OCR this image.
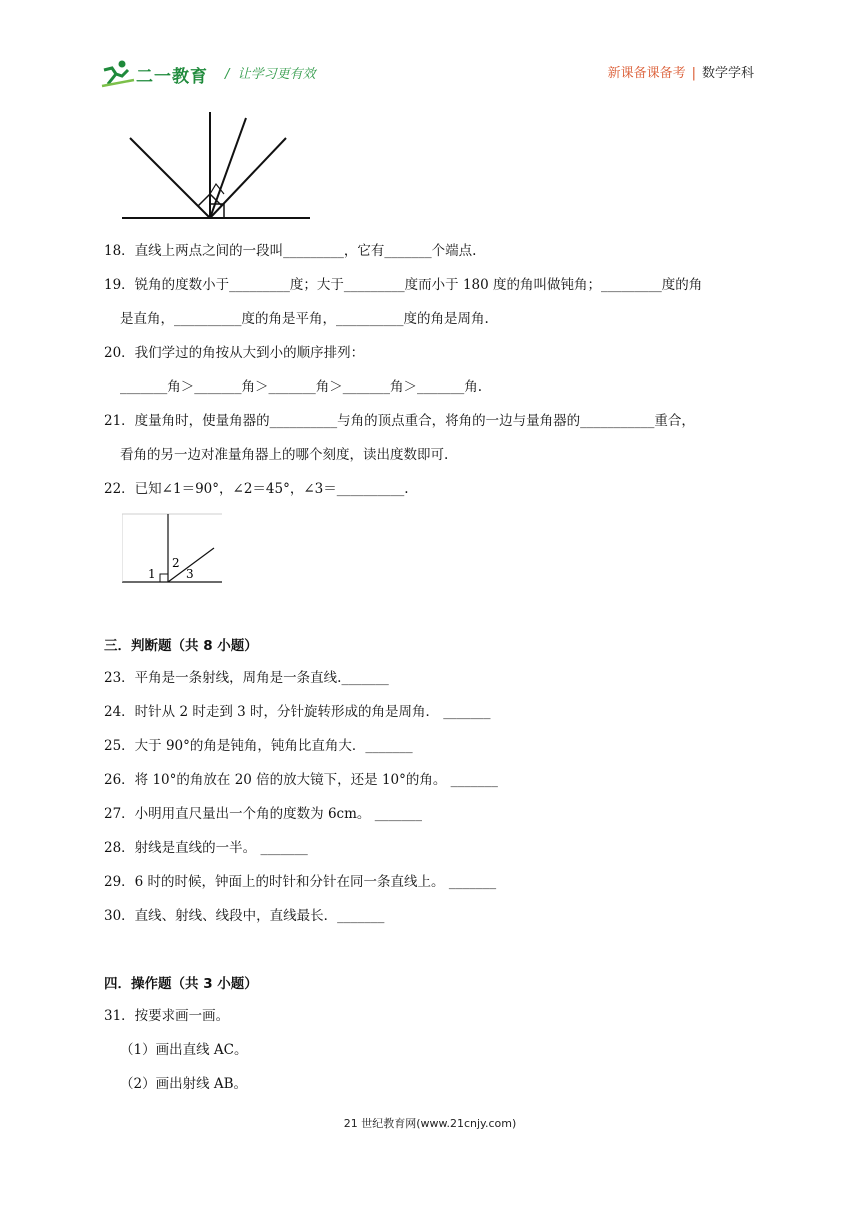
二一教育 /  让学习更有效	新课备课备考 | 数学学科
18．直线上两点之间的一段叫_________，它有_______个端点.
19．锐角的度数小于_________度；大于_________度而小于 180 度的角叫做钝角；_________度的角
是直角，__________度的角是平角，__________度的角是周角.
20．我们学过的角按从大到小的顺序排列：
_______角＞_______角＞_______角＞_______角＞_______角.
21．度量角时，使量角器的__________与角的顶点重合，将角的一边与量角器的___________重合，
看角的另一边对准量角器上的哪个刻度，读出度数即可.
22．已知∠1＝90°，∠2＝45°，∠3＝__________.
1
2
3
三．判断题（共 8 小题）
23．平角是一条射线，周角是一条直线._______
24．时针从 2 时走到 3 时，分针旋转形成的角是周角． _______
25．大于 90°的角是钝角，钝角比直角大．_______
26．将 10°的角放在 20 倍的放大镜下，还是 10°的角。 _______
27．小明用直尺量出一个角的度数为 6cm。 _______
28．射线是直线的一半。 _______
29．6 时的时候，钟面上的时针和分针在同一条直线上。 _______
30．直线、射线、线段中，直线最长．_______
四．操作题（共 3 小题）
31．按要求画一画。
（1）画出直线 AC。
（2）画出射线 AB。
21 世纪教育网(www.21cnjy.com)
